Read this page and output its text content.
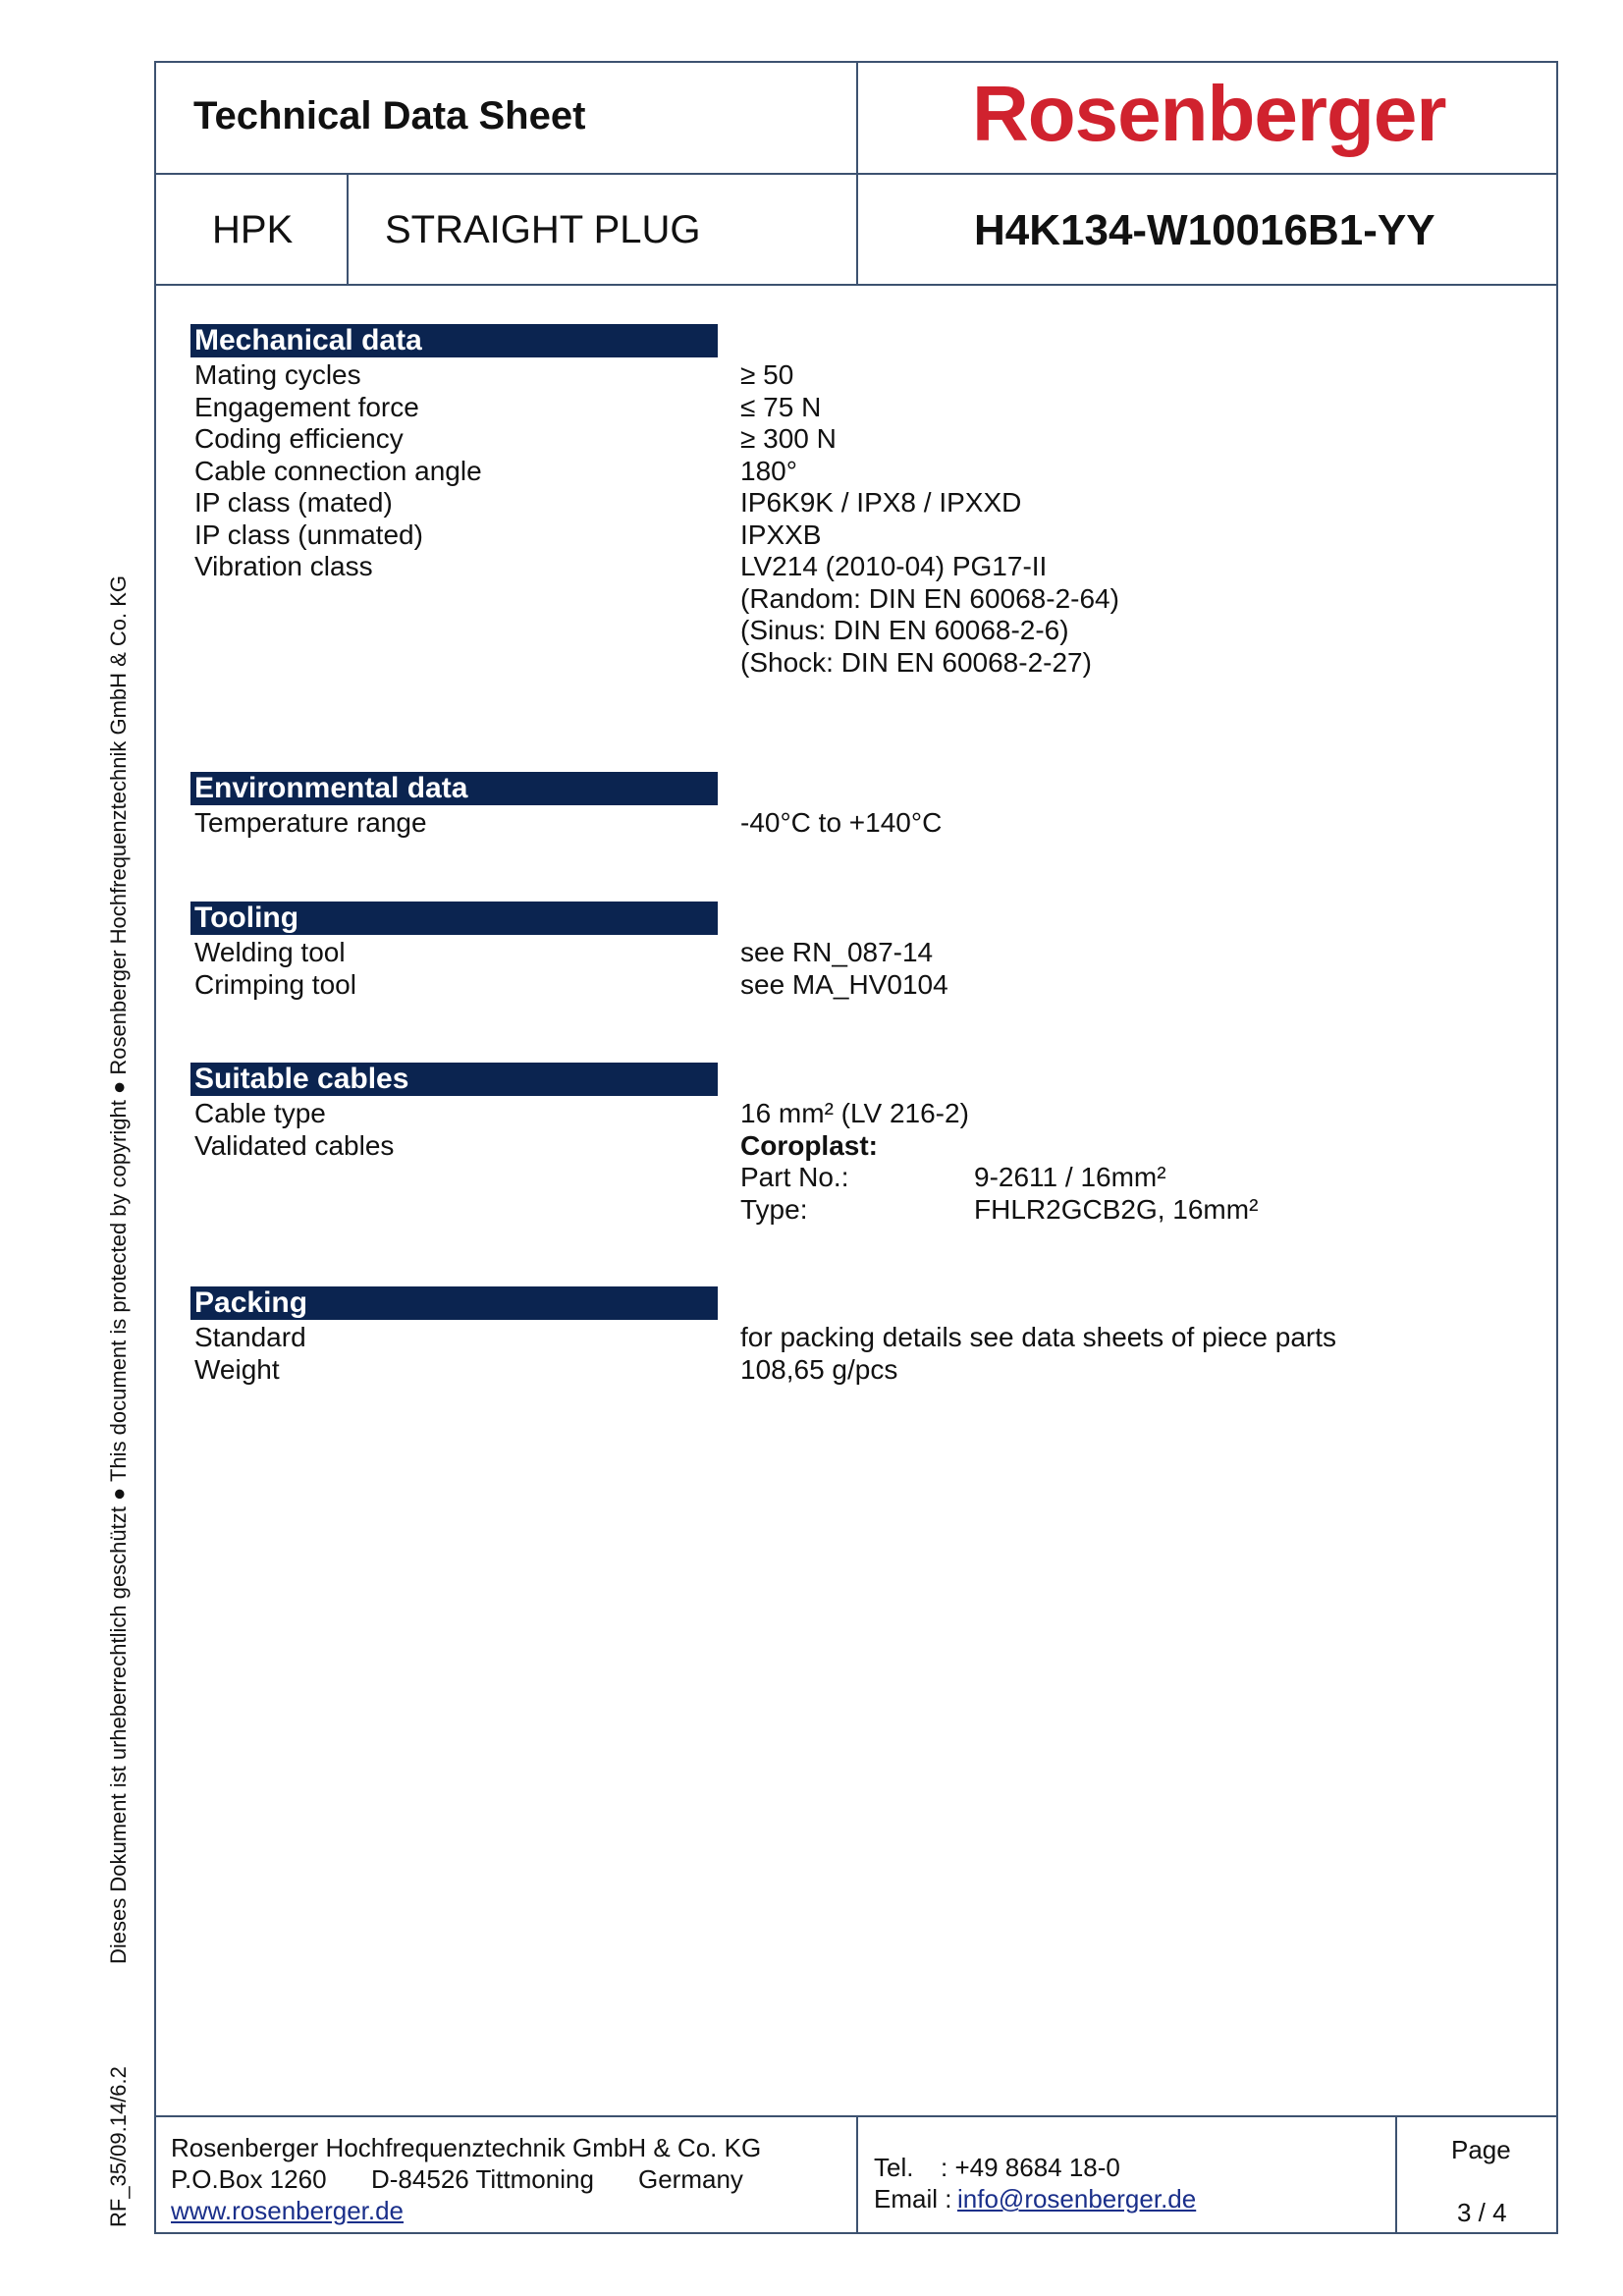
Technical Data Sheet	Rosenberger
HPK STRAIGHT PLUG	H4K134-W10016B1-YY
Mechanical data
Mating cycles	≥ 50
Engagement force	≤ 75 N
Coding efficiency	≥ 300 N
Cable connection angle	180°
IP class (mated)	IP6K9K / IPX8 / IPXXD
IP class (unmated)	IPXXB
Vibration class	LV214 (2010-04) PG17-II
(Random: DIN EN 60068-2-64)
(Sinus: DIN EN 60068-2-6)
(Shock: DIN EN 60068-2-27)
Environmental data
Temperature range	-40°C to +140°C
Tooling
Welding tool	see RN_087-14
Crimping tool	see MA_HV0104
Suitable cables
Cable type	16 mm² (LV 216-2)
Validated cables	Coroplast:
Part No.:	9-2611 / 16mm²
Type:	FHLR2GCB2G, 16mm²
Packing
Standard	for packing details see data sheets of piece parts
Weight	108,65 g/pcs
Dieses Dokument ist urheberrechtlich geschützt ● This document is protected by copyright ● Rosenberger Hochfrequenztechnik GmbH & Co. KG
RF_35/09.14/6.2 Rosenberger Hochfrequenztechnik GmbH & Co. KG
P.O.Box 1260 D-84526 Tittmoning Germany
www.rosenberger.de
Tel. : +49 8684 18-0
Email : info@rosenberger.de
Page
3 / 4
